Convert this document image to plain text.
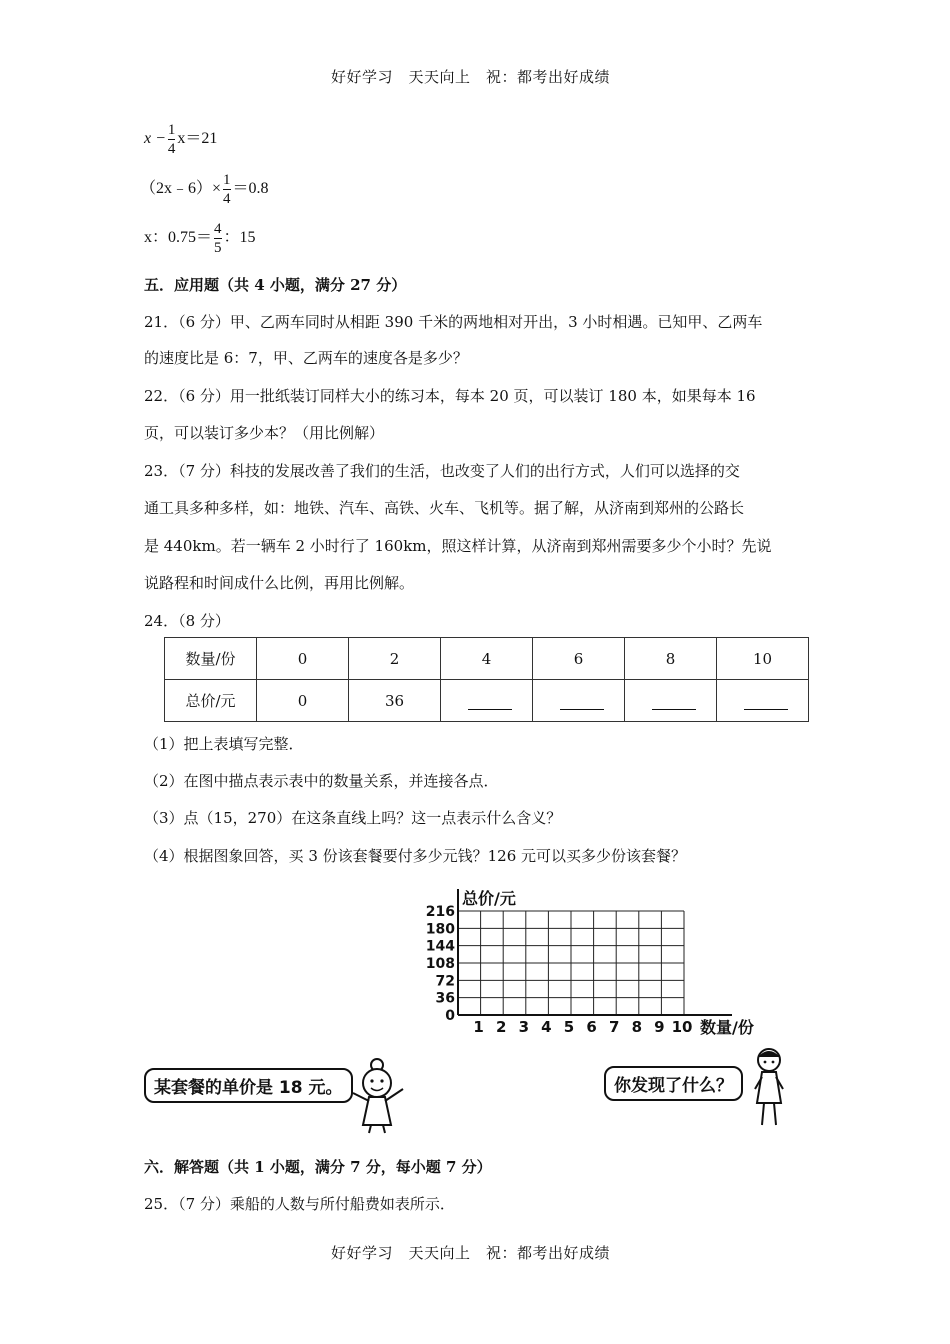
好好学习　天天向上　祝：都考出好成绩
$x - \frac{1}{4} x=21$
（2x﹣6）× $\frac{1}{4} =0.8$
x：$0.75= \frac{4}{5}$ ：15
五．应用题（共 4 小题，满分 27 分）
21．（6 分）甲、乙两车同时从相距 390 千米的两地相对开出，3 小时相遇。已知甲、乙两车
的速度比是 6：7，甲、乙两车的速度各是多少？
22．（6 分）用一批纸装订同样大小的练习本，每本 20 页，可以装订 180 本，如果每本 16
页，可以装订多少本？（用比例解）
23．（7 分）科技的发展改善了我们的生活，也改变了人们的出行方式，人们可以选择的交
通工具多种多样，如：地铁、汽车、高铁、火车、飞机等。据了解，从济南到郑州的公路长
是 440km。若一辆车 2 小时行了 160km，照这样计算，从济南到郑州需要多少个小时？先说
说路程和时间成什么比例，再用比例解。
24．（8 分）
数量/份	0	2	4	6	8	10
总价/元	0	36				
（1）把上表填写完整．
（2）在图中描点表示表中的数量关系，并连接各点．
（3）点（15，270）在这条直线上吗？这一点表示什么含义？
（4）根据图象回答，买 3 份该套餐要付多少元钱？126 元可以买多少份该套餐？
1 2 3 4 5 6 7 8 9 10
0
36
72
108
144
180
216
总价/元
数量/份
某套餐的单价是 18 元。	你发现了什么？
六．解答题（共 1 小题，满分 7 分，每小题 7 分）
25．（7 分）乘船的人数与所付船费如表所示．
好好学习　天天向上　祝：都考出好成绩
